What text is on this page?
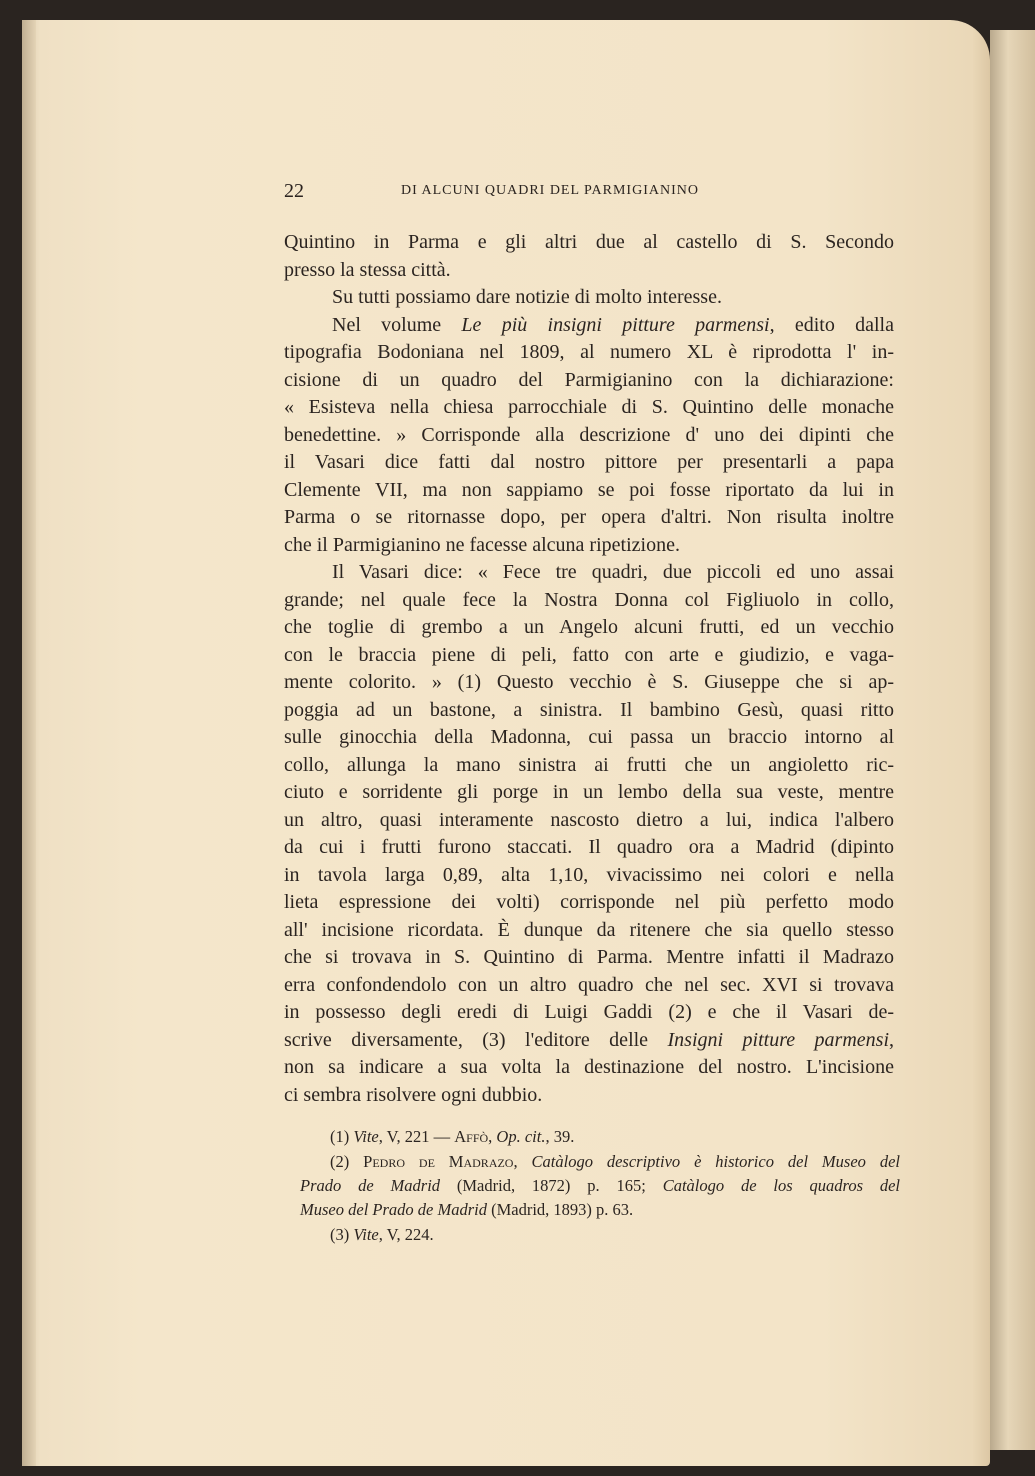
22	DI ALCUNI QUADRI DEL PARMIGIANINO
Quintino in Parma e gli altri due al castello di S. Secondo
presso la stessa città.
Su tutti possiamo dare notizie di molto interesse.
Nel volume Le più insigni pitture parmensi, edito dalla
tipografia Bodoniana nel 1809, al numero XL è riprodotta l' in-
cisione di un quadro del Parmigianino con la dichiarazione:
« Esisteva nella chiesa parrocchiale di S. Quintino delle monache
benedettine. » Corrisponde alla descrizione d' uno dei dipinti che
il Vasari dice fatti dal nostro pittore per presentarli a papa
Clemente VII, ma non sappiamo se poi fosse riportato da lui in
Parma o se ritornasse dopo, per opera d'altri. Non risulta inoltre
che il Parmigianino ne facesse alcuna ripetizione.
Il Vasari dice: « Fece tre quadri, due piccoli ed uno assai
grande; nel quale fece la Nostra Donna col Figliuolo in collo,
che toglie di grembo a un Angelo alcuni frutti, ed un vecchio
con le braccia piene di peli, fatto con arte e giudizio, e vaga-
mente colorito. » (1) Questo vecchio è S. Giuseppe che si ap-
poggia ad un bastone, a sinistra. Il bambino Gesù, quasi ritto
sulle ginocchia della Madonna, cui passa un braccio intorno al
collo, allunga la mano sinistra ai frutti che un angioletto ric-
ciuto e sorridente gli porge in un lembo della sua veste, mentre
un altro, quasi interamente nascosto dietro a lui, indica l'albero
da cui i frutti furono staccati. Il quadro ora a Madrid (dipinto
in tavola larga 0,89, alta 1,10, vivacissimo nei colori e nella
lieta espressione dei volti) corrisponde nel più perfetto modo
all' incisione ricordata. È dunque da ritenere che sia quello stesso
che si trovava in S. Quintino di Parma. Mentre infatti il Madrazo
erra confondendolo con un altro quadro che nel sec. XVI si trovava
in possesso degli eredi di Luigi Gaddi (2) e che il Vasari de-
scrive diversamente, (3) l'editore delle Insigni pitture parmensi,
non sa indicare a sua volta la destinazione del nostro. L'incisione
ci sembra risolvere ogni dubbio.
(1) Vite, V, 221 — Affò, Op. cit., 39.
(2) Pedro de Madrazo, Catàlogo descriptivo è historico del Museo del
Prado de Madrid (Madrid, 1872) p. 165; Catàlogo de los quadros del
Museo del Prado de Madrid (Madrid, 1893) p. 63.
(3) Vite, V, 224.
